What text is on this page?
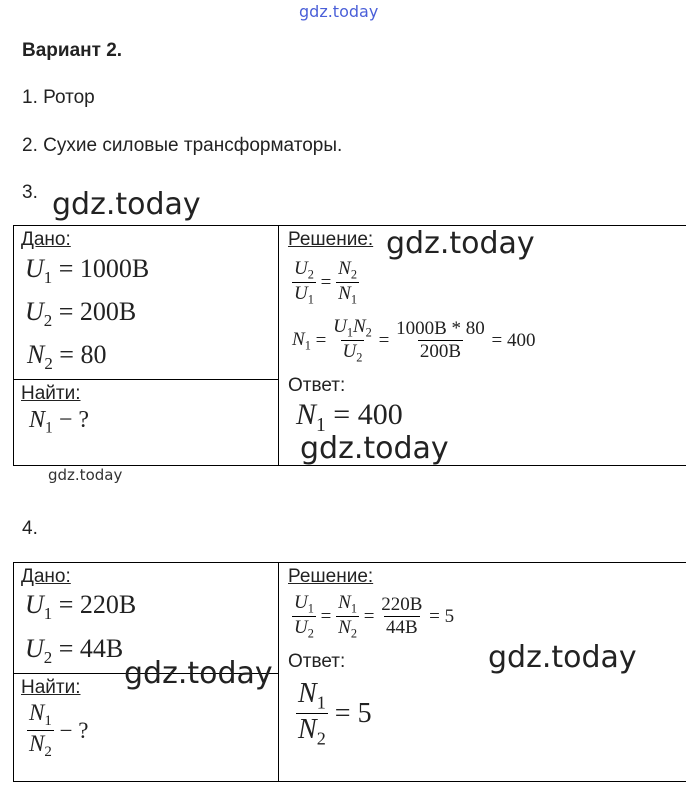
gdz.today
Вариант 2.
1. Ротор
2. Сухие силовые трансформаторы.
3. gdz.today
Дано:
$U_1 = 1000B$
$U_2 = 200B$
$N_2 = 80$
Найти:
$N_1$ − ?
Решение: gdz.today
$\frac{U_2}{U_1} = \frac{N_2}{N_1}$
$N_1 = \frac{U_1N_2}{U_2} = \frac{1000B * 80}{200B} = 400$
Ответ:
$N_1 = 400$
gdz.today
gdz.today
4.
Дано:
$U_1 = 220B$
$U_2 = 44B$
Найти:
$\frac{N_1}{N_2}$ − ?
gdz.today
Решение:
$\frac{U_1}{U_2} = \frac{N_1}{N_2} = \frac{220B}{44B} = 5$
Ответ:	gdz.today
$\frac{N_1}{N_2} = 5$
